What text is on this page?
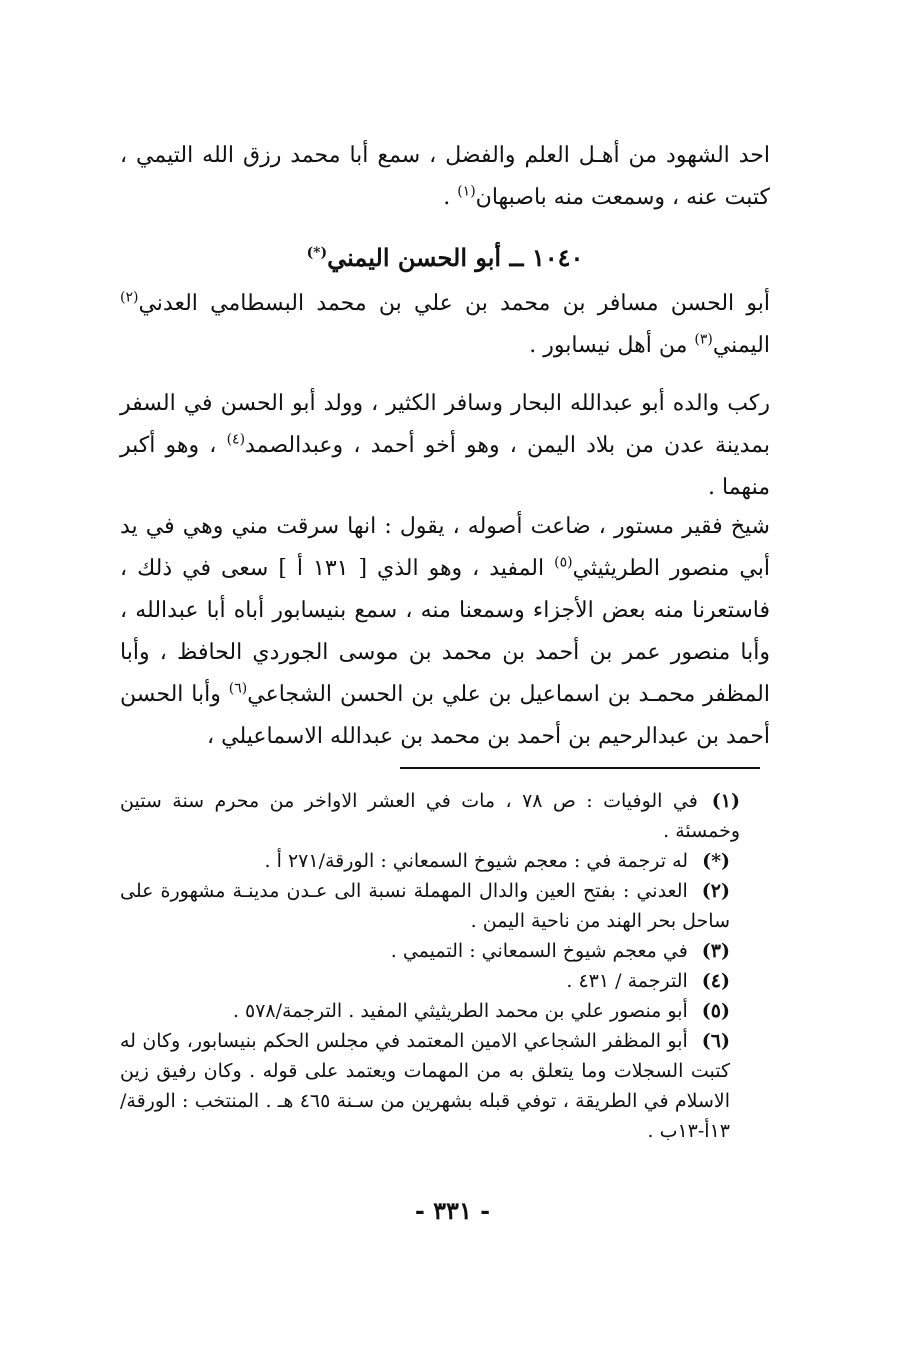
احد الشهود من أهـل العلم والفضل ، سمع أبا محمد رزق الله التيمي ، كتبت عنه ، وسمعت منه باصبهان$^{(١)}$ .

١٠٤٠ ــ أبو الحسن اليمني(*)

أبو الحسن مسافر بن محمد بن علي بن محمد البسطامي العدني$^{(٢)}$ اليمني$^{(٣)}$ من أهل نيسابور .

ركب والده أبو عبدالله البحار وسافر الكثير ، وولد أبو الحسن في السفر بمدينة عدن من بلاد اليمن ، وهو أخو أحمد ، وعبدالصمد$^{(٤)}$ ، وهو أكبر منهما .

شيخ فقير مستور ، ضاعت أصوله ، يقول : انها سرقت مني وهي في يد أبي منصور الطريثيثي$^{(٥)}$ المفيد ، وهو الذي [ ١٣١ أ ] سعى في ذلك ، فاستعرنا منه بعض الأجزاء وسمعنا منه ، سمع بنيسابور أباه أبا عبدالله ، وأبا منصور عمر بن أحمد بن محمد بن موسى الجوردي الحافظ ، وأبا المظفر محمـد بن اسماعيل بن علي بن الحسن الشجاعي$^{(٦)}$ وأبا الحسن أحمد بن عبدالرحيم بن أحمد بن محمد بن عبدالله الاسماعيلي ،

(١)في الوفيات : ص ٧٨ ، مات في العشر الاواخر من محرم سنة ستين وخمسئة .

(*)له ترجمة في : معجم شيوخ السمعاني : الورقة/٢٧١ أ .

(٢)العدني : بفتح العين والدال المهملة نسبة الى عـدن مدينـة مشهورة على ساحل بحر الهند من ناحية اليمن .

(٣)في معجم شيوخ السمعاني : التميمي .

(٤)الترجمة / ٤٣١ .

(٥)أبو منصور علي بن محمد الطريثيثي المفيد . الترجمة/٥٧٨ .

(٦)أبو المظفر الشجاعي الامين المعتمد في مجلس الحكم بنيسابور، وكان له كتبت السجلات وما يتعلق به من المهمات ويعتمد على قوله . وكان رفيق زين الاسلام في الطريقة ، توفي قبله بشهرين من سـنة ٤٦٥ هـ . المنتخب : الورقة/١٣أ-١٣ب .

- ٣٣١ -
